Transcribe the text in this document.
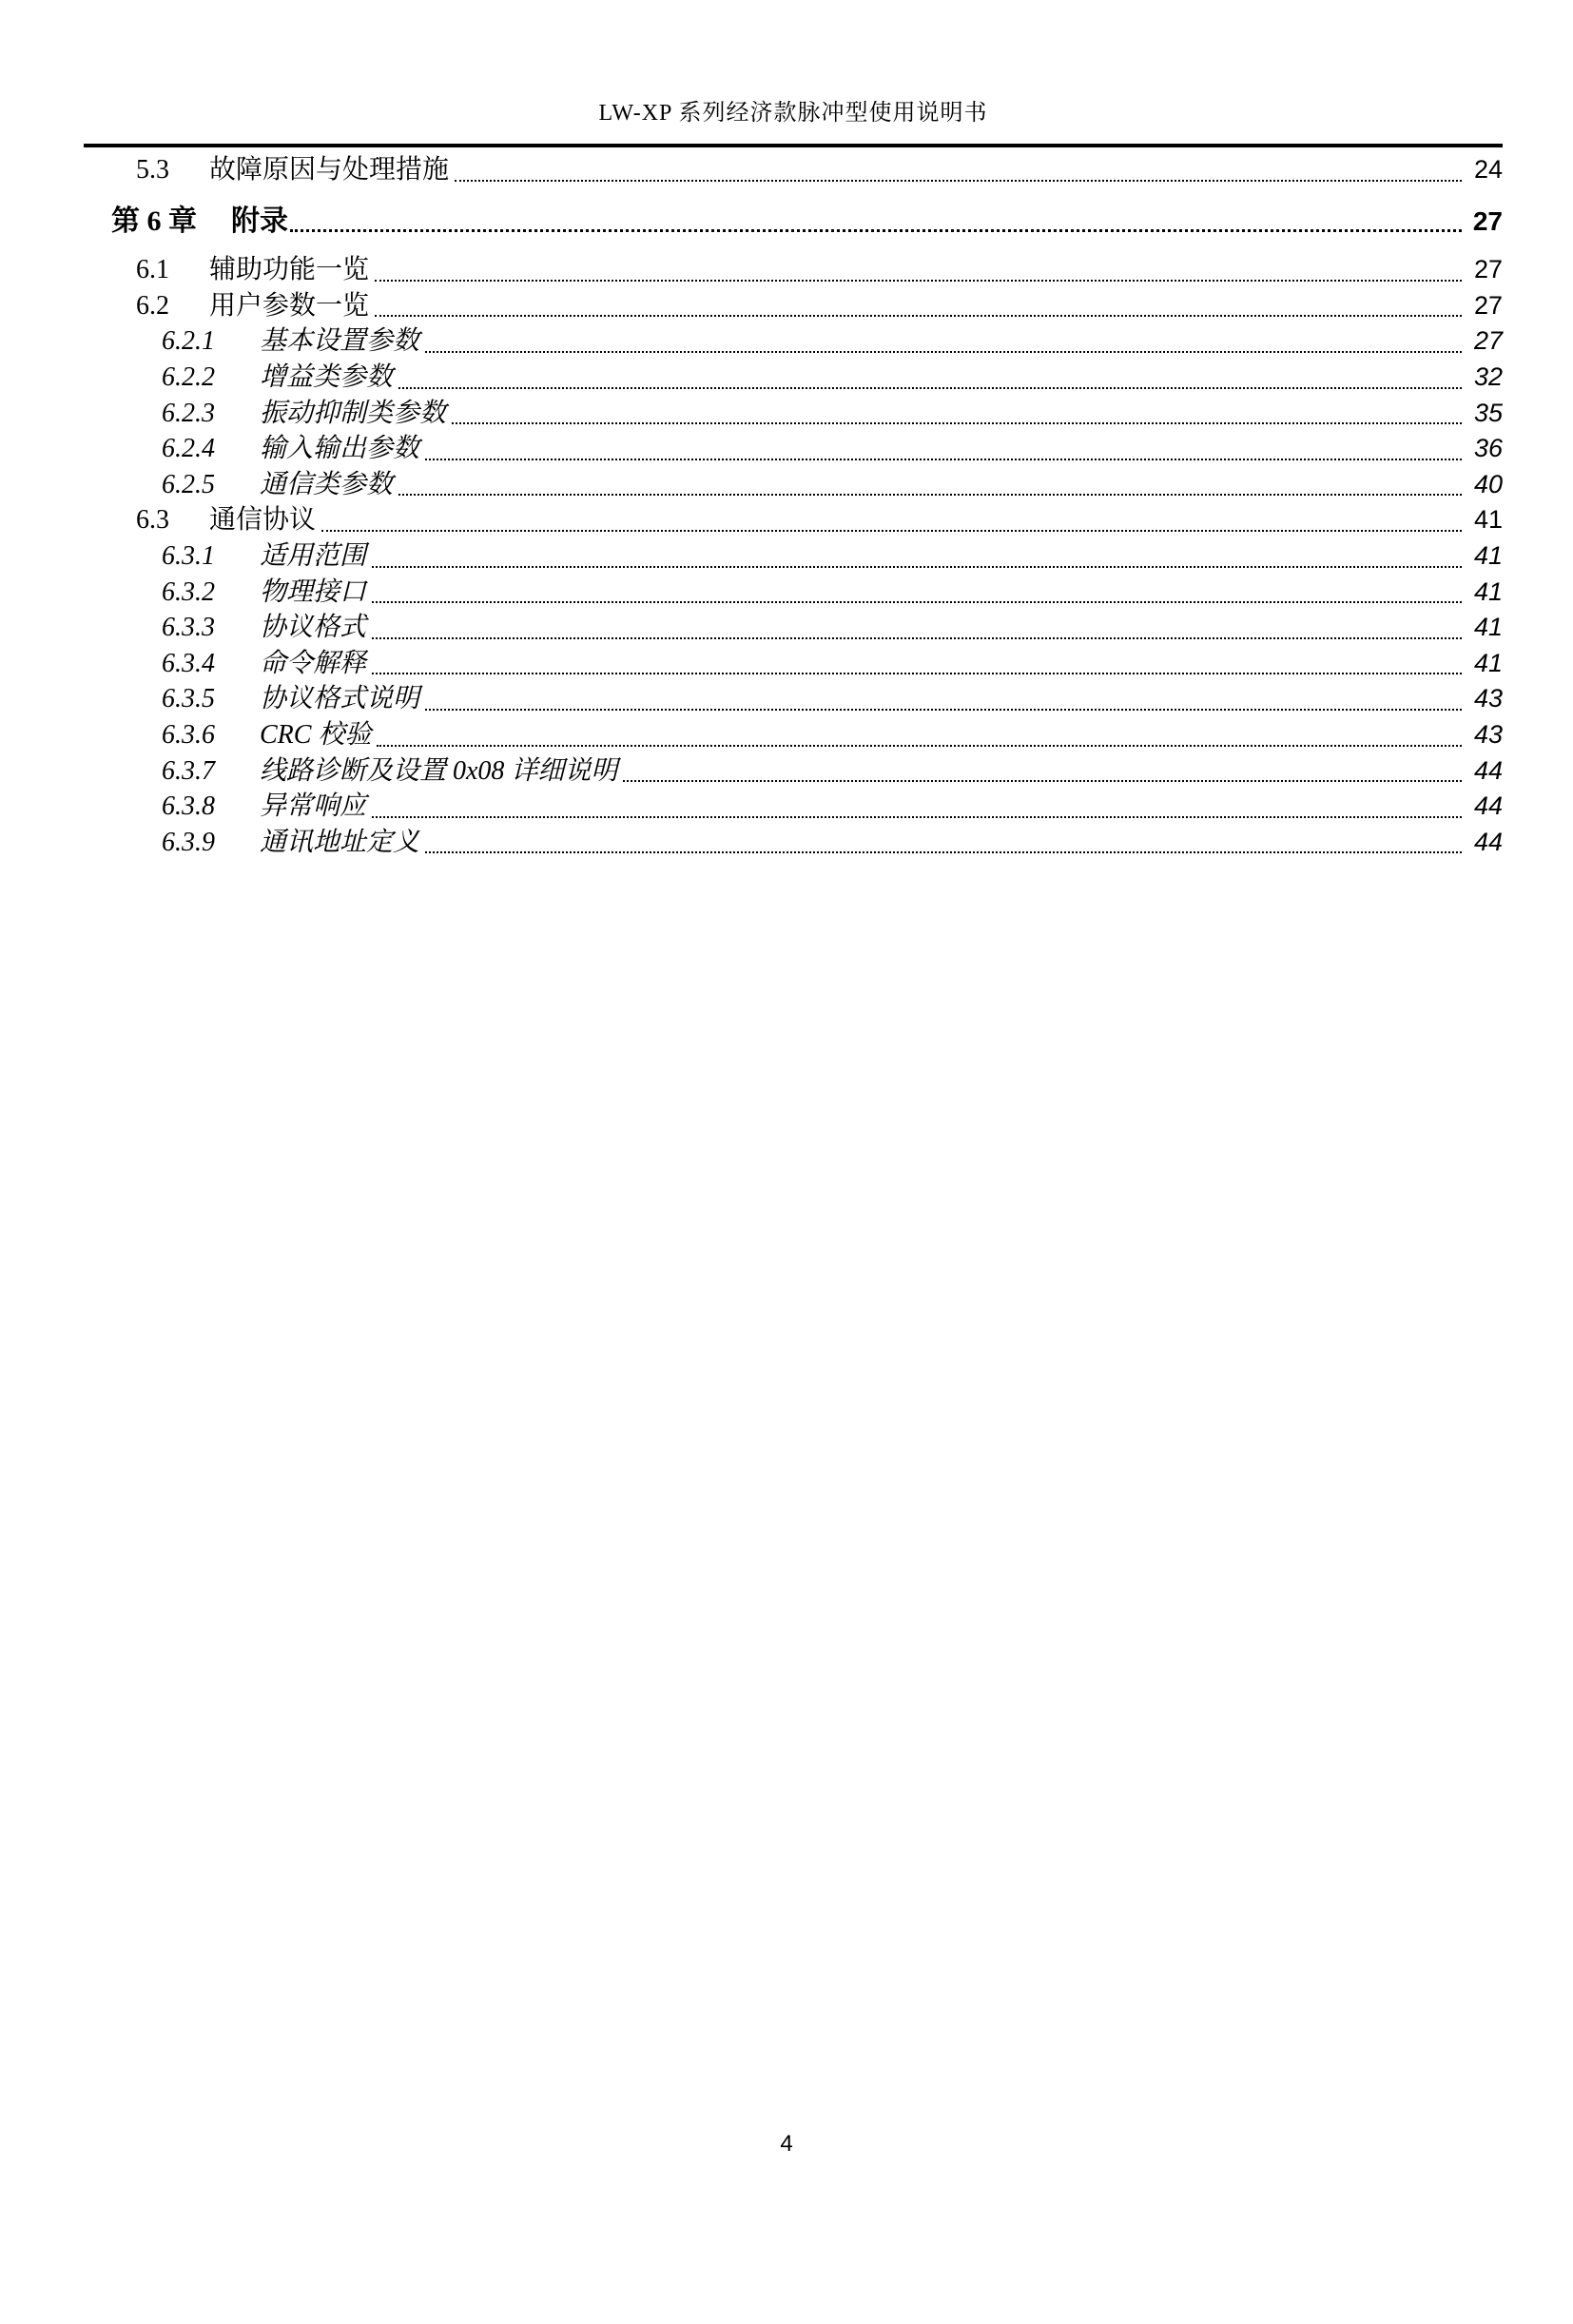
LW-XP 系列经济款脉冲型使用说明书
5.3	故障原因与处理措施	24
第 6 章	附录	27
6.1	辅助功能一览	27
6.2	用户参数一览	27
6.2.1	基本设置参数	27
6.2.2	增益类参数	32
6.2.3	振动抑制类参数	35
6.2.4	输入输出参数	36
6.2.5	通信类参数	40
6.3	通信协议	41
6.3.1	适用范围	41
6.3.2	物理接口	41
6.3.3	协议格式	41
6.3.4	命令解释	41
6.3.5	协议格式说明	43
6.3.6	CRC 校验	43
6.3.7	线路诊断及设置 0x08 详细说明	44
6.3.8	异常响应	44
6.3.9	通讯地址定义	44
4
